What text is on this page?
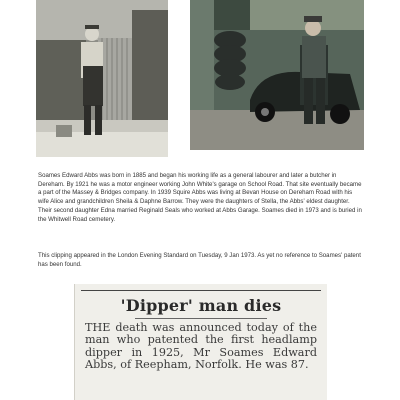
Soames Edward Abbs was born in 1885 and began his working life as a general labourer and later a butcher in Dereham. By 1921 he was a motor engineer working John White's garage on School Road. That site eventually became a part of the Massey & Bridges company. In 1939 Squire Abbs was living at Bevan House on Dereham Road with his wife Alice and grandchildren Sheila & Daphne Barrow. They were the daughters of Stella, the Abbs' eldest daughter. Their second daughter Edna married Reginald Seals who worked at Abbs Garage. Soames died in 1973 and is buried in the Whitwell Road cemetery.

This clipping appeared in the London Evening Standard on Tuesday, 9 Jan 1973. As yet no reference to Soames' patent has been found.

'Dipper' man dies

THE death was announced today of the man who patented the first headlamp dipper in 1925, Mr Soames Edward Abbs, of Reepham, Norfolk. He was 87.
